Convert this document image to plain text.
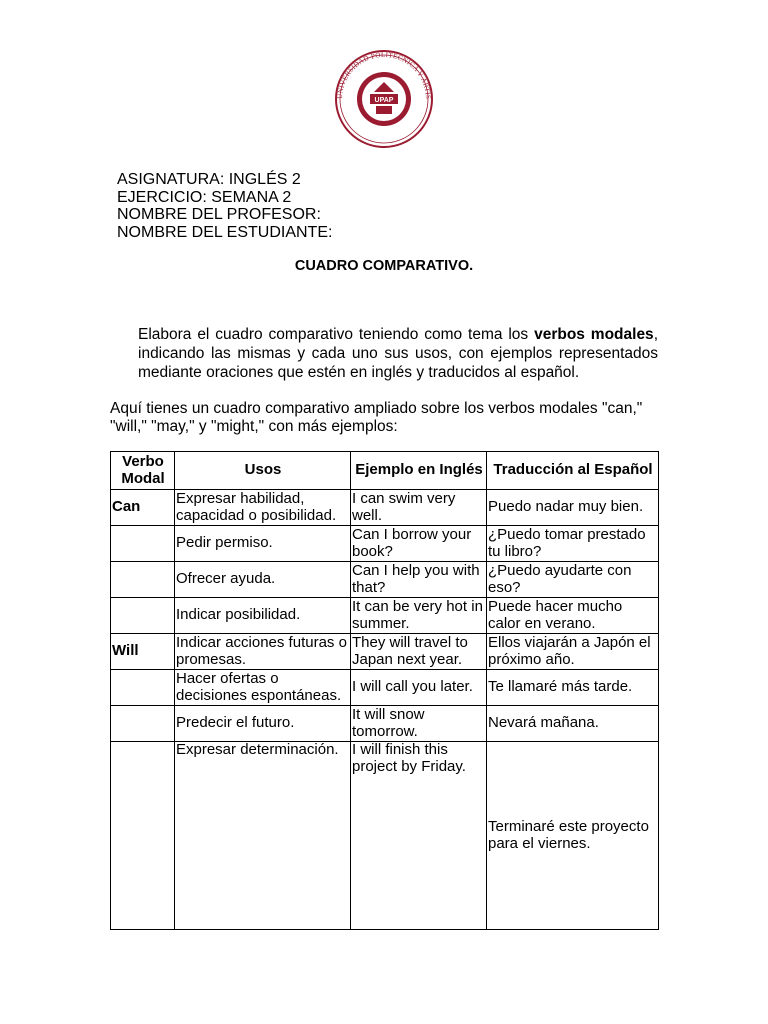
UNIVERSIDAD POLITÉCNICA Y ARTÍS
UPAP
ASIGNATURA: INGLÉS 2
EJERCICIO: SEMANA 2
NOMBRE DEL PROFESOR:
NOMBRE DEL ESTUDIANTE:
CUADRO COMPARATIVO.
Elabora el cuadro comparativo teniendo como tema los verbos modales, indicando las mismas y cada uno sus usos, con ejemplos representados mediante oraciones que estén en inglés y traducidos al español.
Aquí tienes un cuadro comparativo ampliado sobre los verbos modales "can," "will," "may," y "might," con más ejemplos:
Verbo Modal	Usos	Ejemplo en Inglés	Traducción al Español
Can	Expresar habilidad, capacidad o posibilidad.	I can swim very well.	Puedo nadar muy bien.
	Pedir permiso.	Can I borrow your book?	¿Puedo tomar prestado tu libro?
	Ofrecer ayuda.	Can I help you with that?	¿Puedo ayudarte con eso?
	Indicar posibilidad.	It can be very hot in summer.	Puede hacer mucho calor en verano.
Will	Indicar acciones futuras o promesas.	They will travel to Japan next year.	Ellos viajarán a Japón el próximo año.
	Hacer ofertas o decisiones espontáneas.	I will call you later.	Te llamaré más tarde.
	Predecir el futuro.	It will snow tomorrow.	Nevará mañana.
	Expresar determinación.	I will finish this project by Friday.	Terminaré este proyecto para el viernes.
